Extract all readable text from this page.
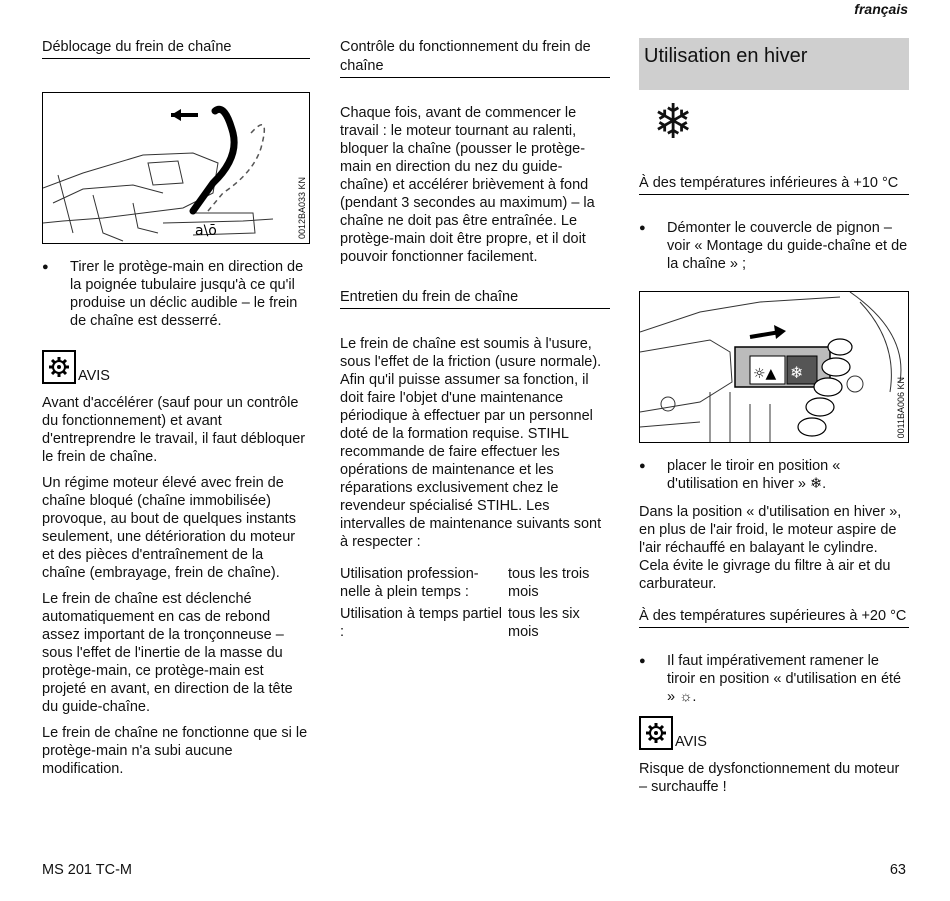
français
Déblocage du frein de chaîne
a\ō	0012BA033 KN
● Tirer le protège-main en direction de la poignée tubulaire jusqu'à ce qu'il produise un déclic audible – le frein de chaîne est desserré.
AVIS

Avant d'accélérer (sauf pour un contrôle du fonctionnement) et avant d'entreprendre le travail, il faut débloquer le frein de chaîne.

Un régime moteur élevé avec frein de chaîne bloqué (chaîne immobilisée) provoque, au bout de quelques instants seulement, une détérioration du moteur et des pièces d'entraînement de la chaîne (embrayage, frein de chaîne).

Le frein de chaîne est déclenché automatiquement en cas de rebond assez important de la tronçonneuse – sous l'effet de l'inertie de la masse du protège-main, ce protège-main est projeté en avant, en direction de la tête du guide-chaîne.

Le frein de chaîne ne fonctionne que si le protège-main n'a subi aucune modification.

Contrôle du fonctionnement du frein de chaîne

Chaque fois, avant de commencer le travail : le moteur tournant au ralenti, bloquer la chaîne (pousser le protège-main en direction du nez du guide-chaîne) et accélérer brièvement à fond (pendant 3 secondes au maximum) – la chaîne ne doit pas être entraînée. Le protège-main doit être propre, et il doit pouvoir fonctionner facilement.

Entretien du frein de chaîne

Le frein de chaîne est soumis à l'usure, sous l'effet de la friction (usure normale). Afin qu'il puisse assumer sa fonction, il doit faire l'objet d'une maintenance périodique à effectuer par un personnel doté de la formation requise. STIHL recommande de faire effectuer les opérations de maintenance et les réparations exclusivement chez le revendeur spécialisé STIHL. Les intervalles de maintenance suivants sont à respecter :

Utilisation profession-nelle à plein temps :

tous les trois mois

Utilisation à temps partiel :

tous les six mois

Utilisation en hiver
❄
À des températures inférieures à +10 °C
● Démonter le couvercle de pignon – voir « Montage du guide-chaîne et de la chaîne » ;
☼▲ ❄
0011BA006 KN
● placer le tiroir en position « d'utilisation en hiver » ❄.

Dans la position « d'utilisation en hiver », en plus de l'air froid, le moteur aspire de l'air réchauffé en balayant le cylindre. Cela évite le givrage du filtre à air et du carburateur.

À des températures supérieures à +20 °C
● Il faut impérativement ramener le tiroir en position « d'utilisation en été » ☼.
AVIS

Risque de dysfonctionnement du moteur – surchauffe !

MS 201 TC-M	63
